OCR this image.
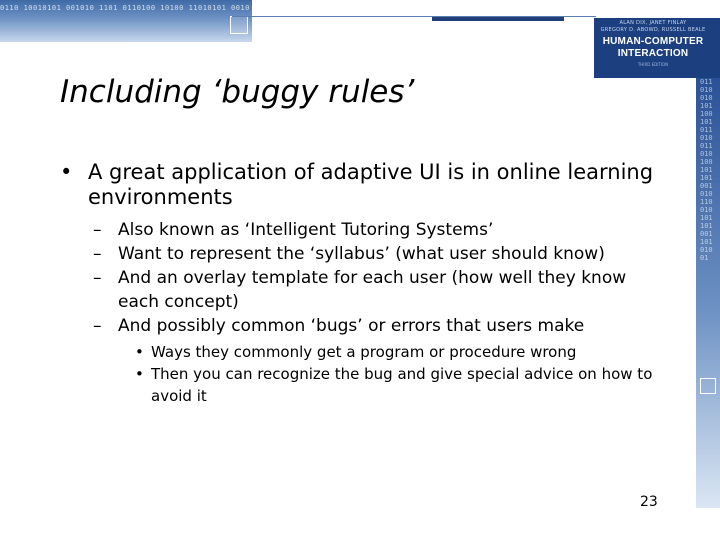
0110 10010101 001010 1101 0110100 10100 11010101 0010 11011 010 0110 10010101 001010 1101 0110100
ALAN DIX, JANET FINLAY
GREGORY D. ABOWD, RUSSELL BEALE
HUMAN-COMPUTER
INTERACTION
THIRD EDITION
01101001010110010101101001101010010110100101011001010110100110101001
Including ‘buggy rules’
• A great application of adaptive UI is in online learning environments
– Also known as ‘Intelligent Tutoring Systems’
– Want to represent the ‘syllabus’ (what user should know)
– And an overlay template for each user (how well they know each concept)
– And possibly common ‘bugs’ or errors that users make
• Ways they commonly get a program or procedure wrong
• Then you can recognize the bug and give special advice on how to avoid it
23
